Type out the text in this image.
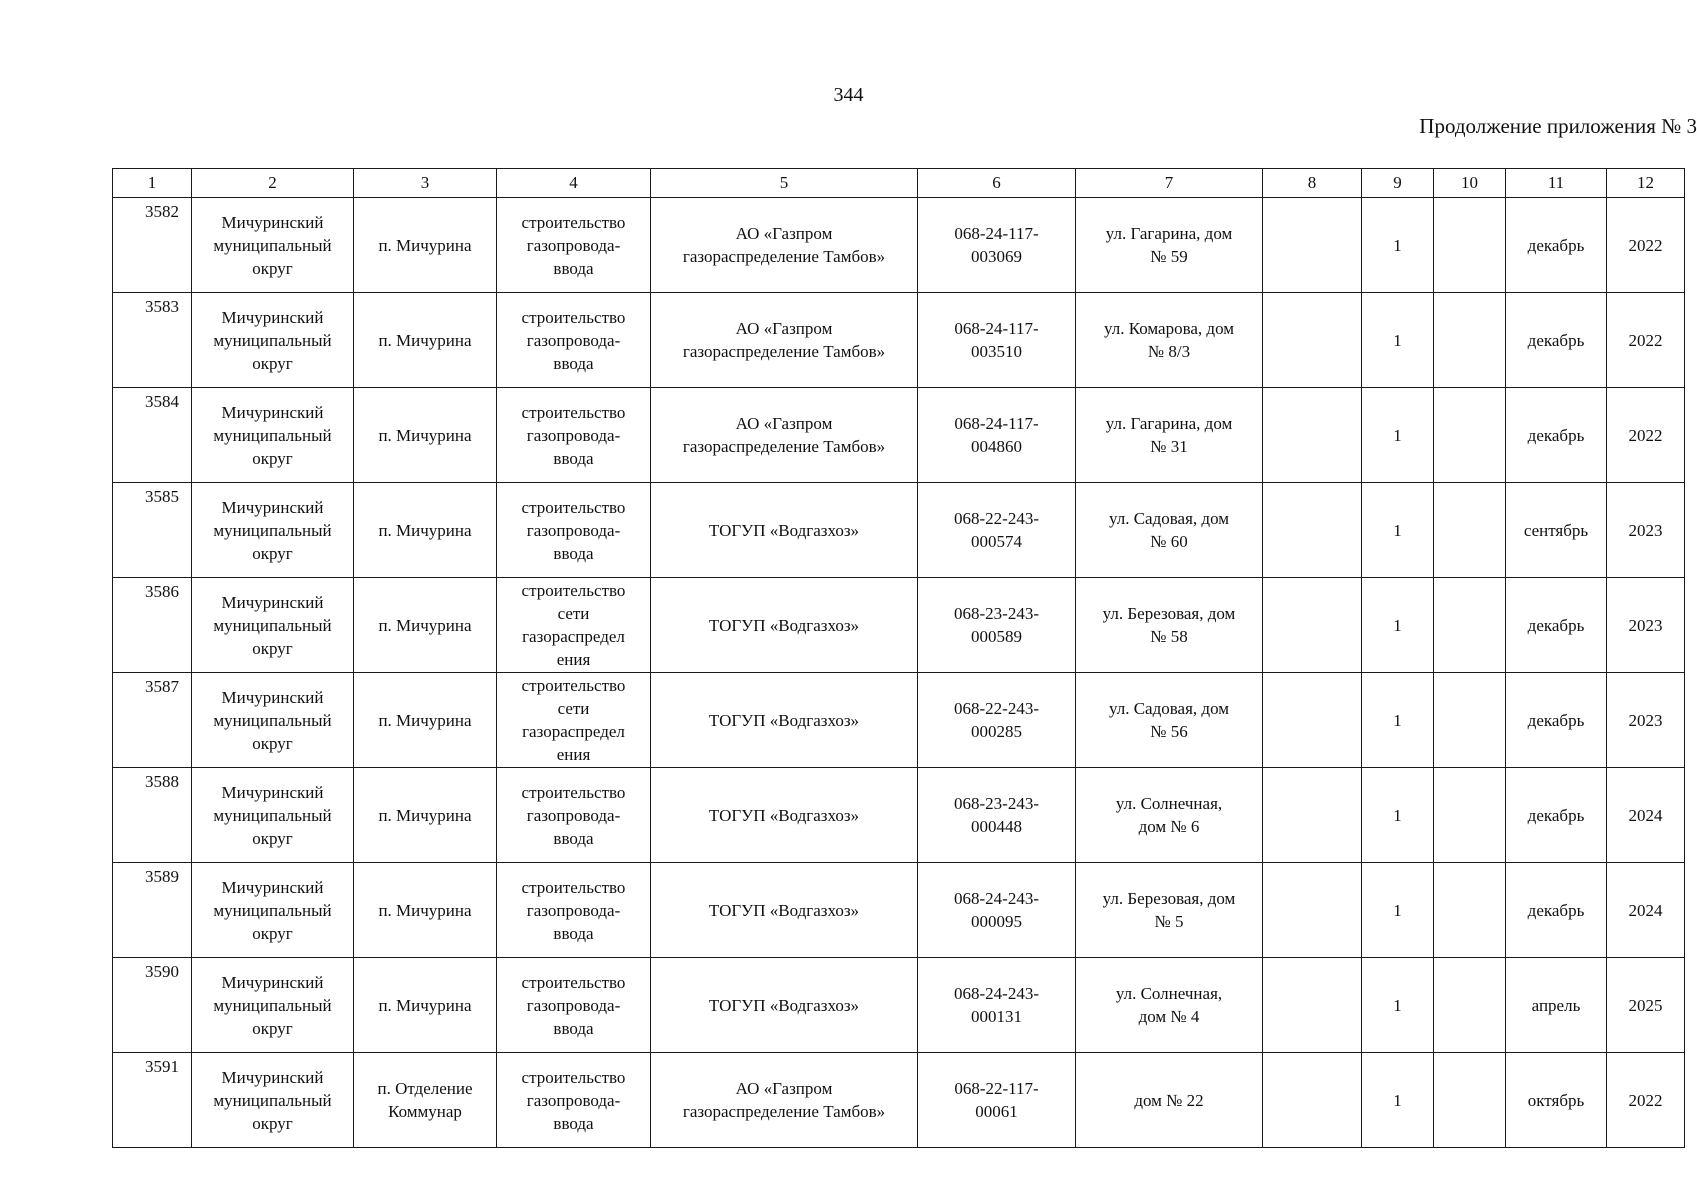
344
Продолжение приложения № 3
1	2	3	4	5	6	7	8	9	10	11	12
3582	Мичуринский
муниципальный
округ	п. Мичурина	строительство
газопровода-
ввода	АО «Газпром
газораспределение Тамбов»	068-24-117-
003069	ул. Гагарина, дом
№ 59		1		декабрь	2022
3583	Мичуринский
муниципальный
округ	п. Мичурина	строительство
газопровода-
ввода	АО «Газпром
газораспределение Тамбов»	068-24-117-
003510	ул. Комарова, дом
№ 8/3		1		декабрь	2022
3584	Мичуринский
муниципальный
округ	п. Мичурина	строительство
газопровода-
ввода	АО «Газпром
газораспределение Тамбов»	068-24-117-
004860	ул. Гагарина, дом
№ 31		1		декабрь	2022
3585	Мичуринский
муниципальный
округ	п. Мичурина	строительство
газопровода-
ввода	ТОГУП «Водгазхоз»	068-22-243-
000574	ул. Садовая, дом
№ 60		1		сентябрь	2023
3586	Мичуринский
муниципальный
округ	п. Мичурина	строительство
сети
газораспредел
ения	ТОГУП «Водгазхоз»	068-23-243-
000589	ул. Березовая, дом
№ 58		1		декабрь	2023
3587	Мичуринский
муниципальный
округ	п. Мичурина	строительство
сети
газораспредел
ения	ТОГУП «Водгазхоз»	068-22-243-
000285	ул. Садовая, дом
№ 56		1		декабрь	2023
3588	Мичуринский
муниципальный
округ	п. Мичурина	строительство
газопровода-
ввода	ТОГУП «Водгазхоз»	068-23-243-
000448	ул. Солнечная,
дом № 6		1		декабрь	2024
3589	Мичуринский
муниципальный
округ	п. Мичурина	строительство
газопровода-
ввода	ТОГУП «Водгазхоз»	068-24-243-
000095	ул. Березовая, дом
№ 5		1		декабрь	2024
3590	Мичуринский
муниципальный
округ	п. Мичурина	строительство
газопровода-
ввода	ТОГУП «Водгазхоз»	068-24-243-
000131	ул. Солнечная,
дом № 4		1		апрель	2025
3591	Мичуринский
муниципальный
округ	п. Отделение
Коммунар	строительство
газопровода-
ввода	АО «Газпром
газораспределение Тамбов»	068-22-117-
00061	дом № 22		1		октябрь	2022
